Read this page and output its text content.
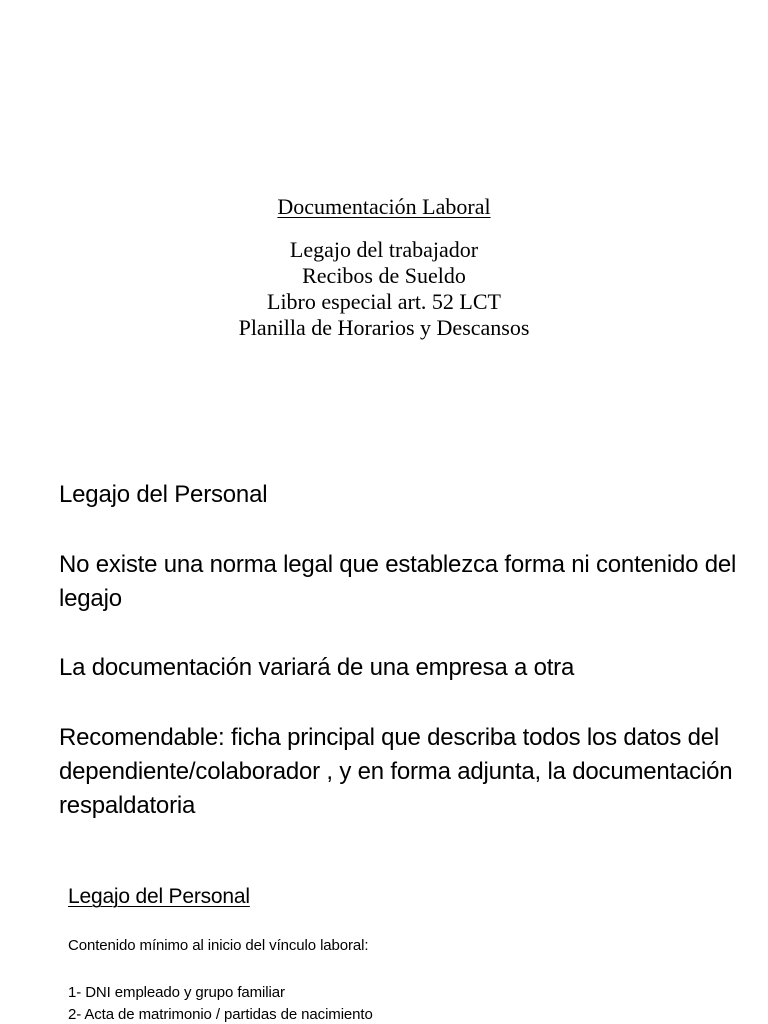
Documentación Laboral
Legajo del trabajador
Recibos de Sueldo
Libro especial art. 52 LCT
Planilla de Horarios y Descansos
Legajo del Personal
No existe una norma legal que establezca forma ni contenido del legajo
La documentación variará de una empresa a otra
Recomendable: ficha principal que describa todos los datos del dependiente/colaborador , y en forma adjunta, la documentación respaldatoria
Legajo del Personal
Contenido mínimo al inicio del vínculo laboral:
1- DNI empleado y grupo familiar
2- Acta de matrimonio / partidas de nacimiento
